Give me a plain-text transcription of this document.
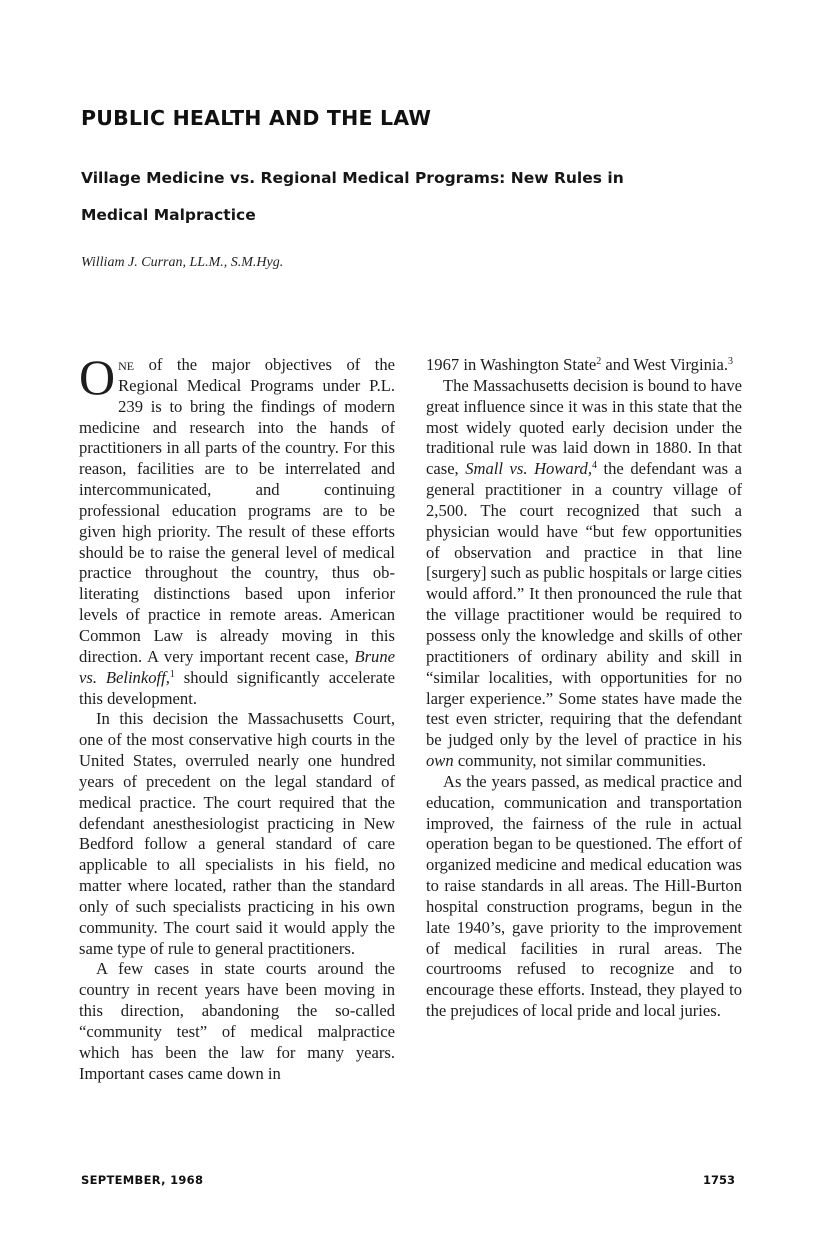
PUBLIC HEALTH AND THE LAW
Village Medicine vs. Regional Medical Programs: New Rules in
Medical Malpractice
William J. Curran, LL.M., S.M.Hyg.

One of the major objectives of the Regional Medical Programs under P.L. 239 is to bring the findings of modern medicine and research into the hands of practitioners in all parts of the country. For this reason, facilities are to be interrelated and intercommunicated, and continuing professional education programs are to be given high priority. The result of these efforts should be to raise the general level of medical practice throughout the country, thus obliterating distinctions based upon inferior levels of practice in remote areas. American Common Law is already moving in this direction. A very important recent case, Brune vs. Belinkoff,$^1$ should significantly accelerate this development.

In this decision the Massachusetts Court, one of the most conservative high courts in the United States, overruled nearly one hundred years of precedent on the legal standard of medical practice. The court required that the defendant anesthesiologist practicing in New Bedford follow a general standard of care applicable to all specialists in his field, no matter where located, rather than the standard only of such specialists practicing in his own community. The court said it would apply the same type of rule to general practitioners.

A few cases in state courts around the country in recent years have been moving in this direction, abandoning the so-called “community test” of medical malpractice which has been the law for many years. Important cases came down in

1967 in Washington State$^2$ and West Virginia.$^3$

The Massachusetts decision is bound to have great influence since it was in this state that the most widely quoted early decision under the traditional rule was laid down in 1880. In that case, Small vs. Howard,$^4$ the defendant was a general practitioner in a country village of 2,500. The court recognized that such a physician would have “but few opportunities of observation and practice in that line [surgery] such as public hospitals or large cities would afford.” It then pronounced the rule that the village practitioner would be required to possess only the knowledge and skills of other practitioners of ordinary ability and skill in “similar localities, with opportunities for no larger experience.” Some states have made the test even stricter, requiring that the defendant be judged only by the level of practice in his own community, not similar communities.

As the years passed, as medical practice and education, communication and transportation improved, the fairness of the rule in actual operation began to be questioned. The effort of organized medicine and medical education was to raise standards in all areas. The Hill-Burton hospital construction programs, begun in the late 1940’s, gave priority to the improvement of medical facilities in rural areas. The courtrooms refused to recognize and to encourage these efforts. Instead, they played to the prejudices of local pride and local juries.

SEPTEMBER, 1968	1753
